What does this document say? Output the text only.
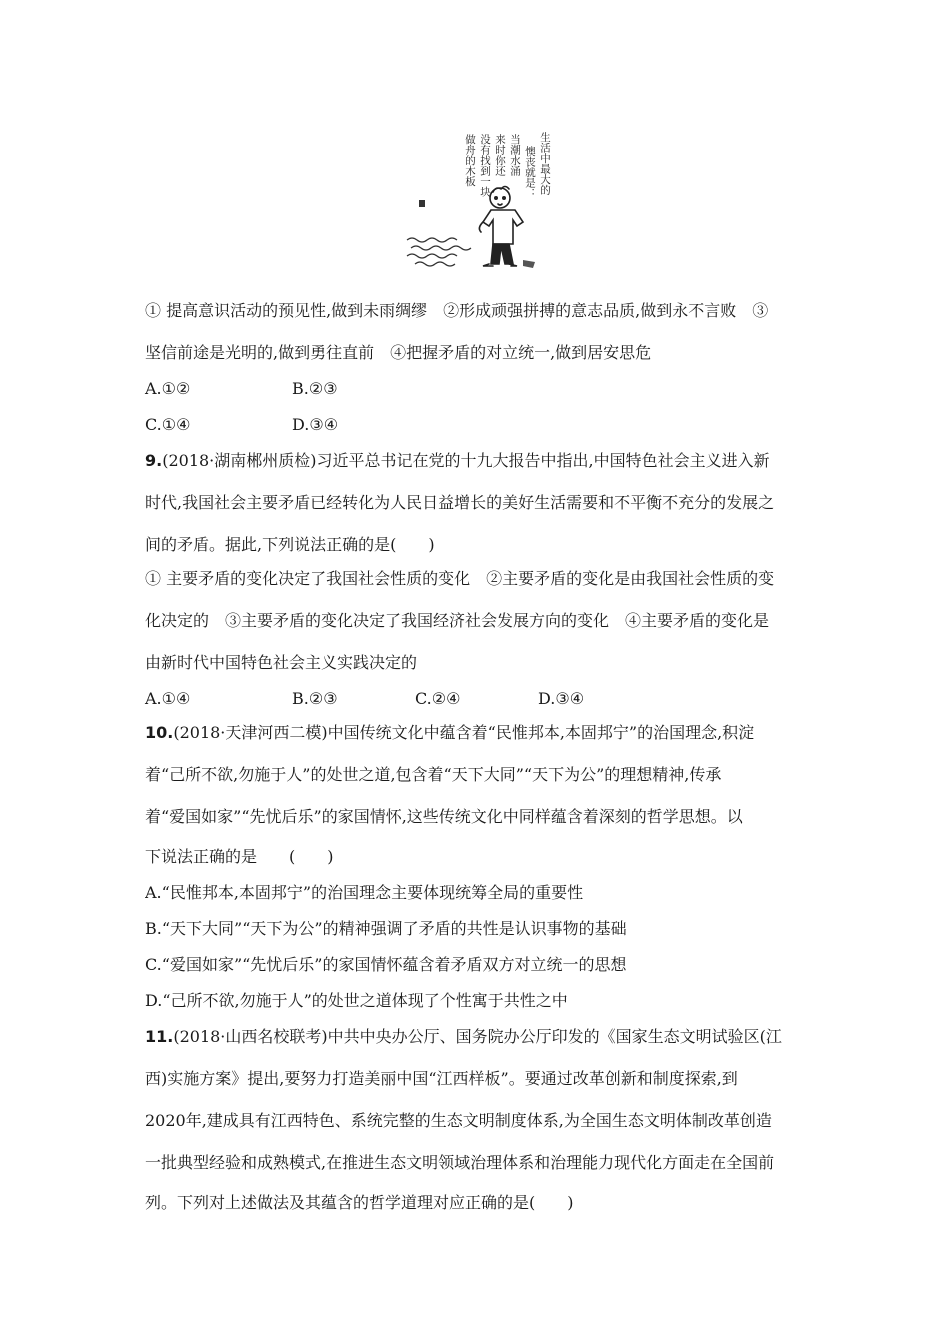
生活中最大的
懊丧就是：
当潮水涌
来时你还
没有找到一块
做舟的木板
① 提高意识活动的预见性,做到未雨绸缪　②形成顽强拼搏的意志品质,做到永不言败　③
坚信前途是光明的,做到勇往直前　④把握矛盾的对立统一,做到居安思危
A.①②	B.②③
C.①④	D.③④
9.(2018·湖南郴州质检)习近平总书记在党的十九大报告中指出,中国特色社会主义进入新
时代,我国社会主要矛盾已经转化为人民日益增长的美好生活需要和不平衡不充分的发展之
间的矛盾。据此,下列说法正确的是(　　)
① 主要矛盾的变化决定了我国社会性质的变化　②主要矛盾的变化是由我国社会性质的变
化决定的　③主要矛盾的变化决定了我国经济社会发展方向的变化　④主要矛盾的变化是
由新时代中国特色社会主义实践决定的
A.①④	B.②③	C.②④	D.③④
10.(2018·天津河西二模)中国传统文化中蕴含着“民惟邦本,本固邦宁”的治国理念,积淀
着“己所不欲,勿施于人”的处世之道,包含着“天下大同”“天下为公”的理想精神,传承
着“爱国如家”“先忧后乐”的家国情怀,这些传统文化中同样蕴含着深刻的哲学思想。以
下说法正确的是　　(　　)
A.“民惟邦本,本固邦宁”的治国理念主要体现统筹全局的重要性
B.“天下大同”“天下为公”的精神强调了矛盾的共性是认识事物的基础
C.“爱国如家”“先忧后乐”的家国情怀蕴含着矛盾双方对立统一的思想
D.“己所不欲,勿施于人”的处世之道体现了个性寓于共性之中
11.(2018·山西名校联考)中共中央办公厅、国务院办公厅印发的《国家生态文明试验区(江
西)实施方案》提出,要努力打造美丽中国“江西样板”。要通过改革创新和制度探索,到
2020年,建成具有江西特色、系统完整的生态文明制度体系,为全国生态文明体制改革创造
一批典型经验和成熟模式,在推进生态文明领域治理体系和治理能力现代化方面走在全国前
列。下列对上述做法及其蕴含的哲学道理对应正确的是(　　)
